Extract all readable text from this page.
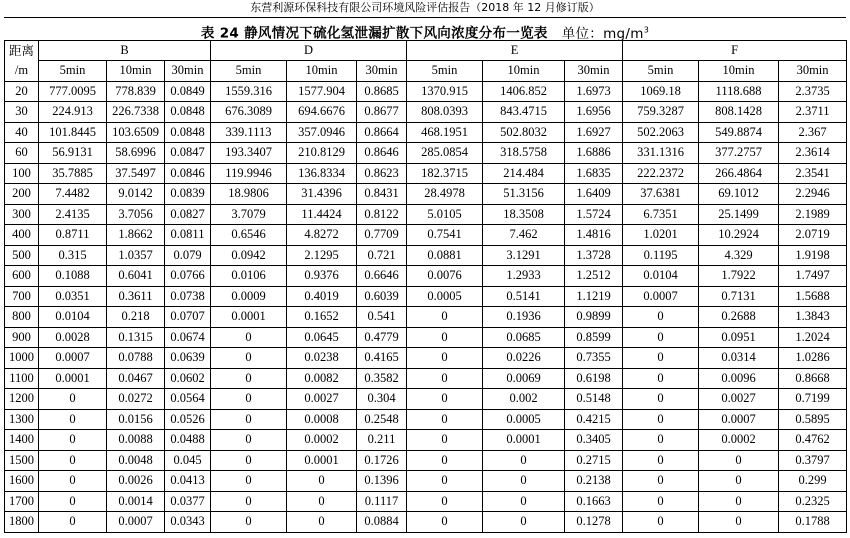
东营利源环保科技有限公司环境风险评估报告（2018 年 12 月修订版）
表 24 静风情况下硫化氢泄漏扩散下风向浓度分布一览表 单位：$mg/m^3$
距离
/m	B			D			E			F		
	5min	10min	30min	5min	10min	30min	5min	10min	30min	5min	10min	30min
20	777.0095	778.839	0.0849	1559.316	1577.904	0.8685	1370.915	1406.852	1.6973	1069.18	1118.688	2.3735
30	224.913	226.7338	0.0848	676.3089	694.6676	0.8677	808.0393	843.4715	1.6956	759.3287	808.1428	2.3711
40	101.8445	103.6509	0.0848	339.1113	357.0946	0.8664	468.1951	502.8032	1.6927	502.2063	549.8874	2.367
60	56.9131	58.6996	0.0847	193.3407	210.8129	0.8646	285.0854	318.5758	1.6886	331.1316	377.2757	2.3614
100	35.7885	37.5497	0.0846	119.9946	136.8334	0.8623	182.3715	214.484	1.6835	222.2372	266.4864	2.3541
200	7.4482	9.0142	0.0839	18.9806	31.4396	0.8431	28.4978	51.3156	1.6409	37.6381	69.1012	2.2946
300	2.4135	3.7056	0.0827	3.7079	11.4424	0.8122	5.0105	18.3508	1.5724	6.7351	25.1499	2.1989
400	0.8711	1.8662	0.0811	0.6546	4.8272	0.7709	0.7541	7.462	1.4816	1.0201	10.2924	2.0719
500	0.315	1.0357	0.079	0.0942	2.1295	0.721	0.0881	3.1291	1.3728	0.1195	4.329	1.9198
600	0.1088	0.6041	0.0766	0.0106	0.9376	0.6646	0.0076	1.2933	1.2512	0.0104	1.7922	1.7497
700	0.0351	0.3611	0.0738	0.0009	0.4019	0.6039	0.0005	0.5141	1.1219	0.0007	0.7131	1.5688
800	0.0104	0.218	0.0707	0.0001	0.1652	0.541	0	0.1936	0.9899	0	0.2688	1.3843
900	0.0028	0.1315	0.0674	0	0.0645	0.4779	0	0.0685	0.8599	0	0.0951	1.2024
1000	0.0007	0.0788	0.0639	0	0.0238	0.4165	0	0.0226	0.7355	0	0.0314	1.0286
1100	0.0001	0.0467	0.0602	0	0.0082	0.3582	0	0.0069	0.6198	0	0.0096	0.8668
1200	0	0.0272	0.0564	0	0.0027	0.304	0	0.002	0.5148	0	0.0027	0.7199
1300	0	0.0156	0.0526	0	0.0008	0.2548	0	0.0005	0.4215	0	0.0007	0.5895
1400	0	0.0088	0.0488	0	0.0002	0.211	0	0.0001	0.3405	0	0.0002	0.4762
1500	0	0.0048	0.045	0	0.0001	0.1726	0	0	0.2715	0	0	0.3797
1600	0	0.0026	0.0413	0	0	0.1396	0	0	0.2138	0	0	0.299
1700	0	0.0014	0.0377	0	0	0.1117	0	0	0.1663	0	0	0.2325
1800	0	0.0007	0.0343	0	0	0.0884	0	0	0.1278	0	0	0.1788
